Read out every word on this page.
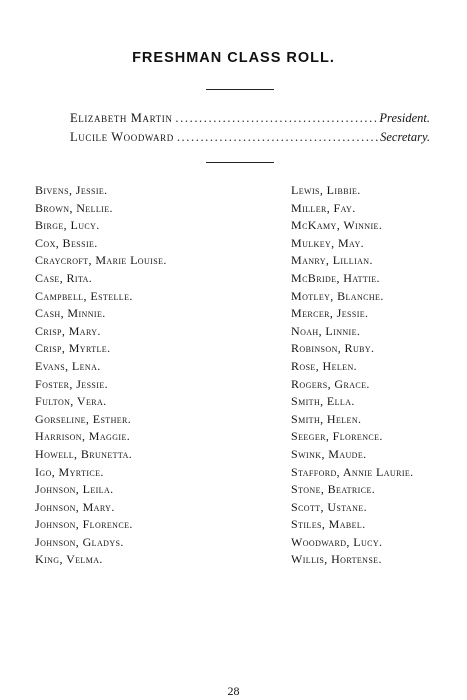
FRESHMAN CLASS ROLL.
Elizabeth Martin .....	President.
Lucile Woodward .....	Secretary.
Bivens, Jessie.
Brown, Nellie.
Birge, Lucy.
Cox, Bessie.
Craycroft, Marie Louise.
Case, Rita.
Campbell, Estelle.
Cash, Minnie.
Crisp, Mary.
Crisp, Myrtle.
Evans, Lena.
Foster, Jessie.
Fulton, Vera.
Gorseline, Esther.
Harrison, Maggie.
Howell, Brunetta.
Igo, Myrtice.
Johnson, Leila.
Johnson, Mary.
Johnson, Florence.
Johnson, Gladys.
King, Velma.
Lewis, Libbie.
Miller, Fay.
McKamy, Winnie.
Mulkey, May.
Manry, Lillian.
McBride, Hattie.
Motley, Blanche.
Mercer, Jessie.
Noah, Linnie.
Robinson, Ruby.
Rose, Helen.
Rogers, Grace.
Smith, Ella.
Smith, Helen.
Seeger, Florence.
Swink, Maude.
Stafford, Annie Laurie.
Stone, Beatrice.
Scott, Ustane.
Stiles, Mabel.
Woodward, Lucy.
Willis, Hortense.
28
